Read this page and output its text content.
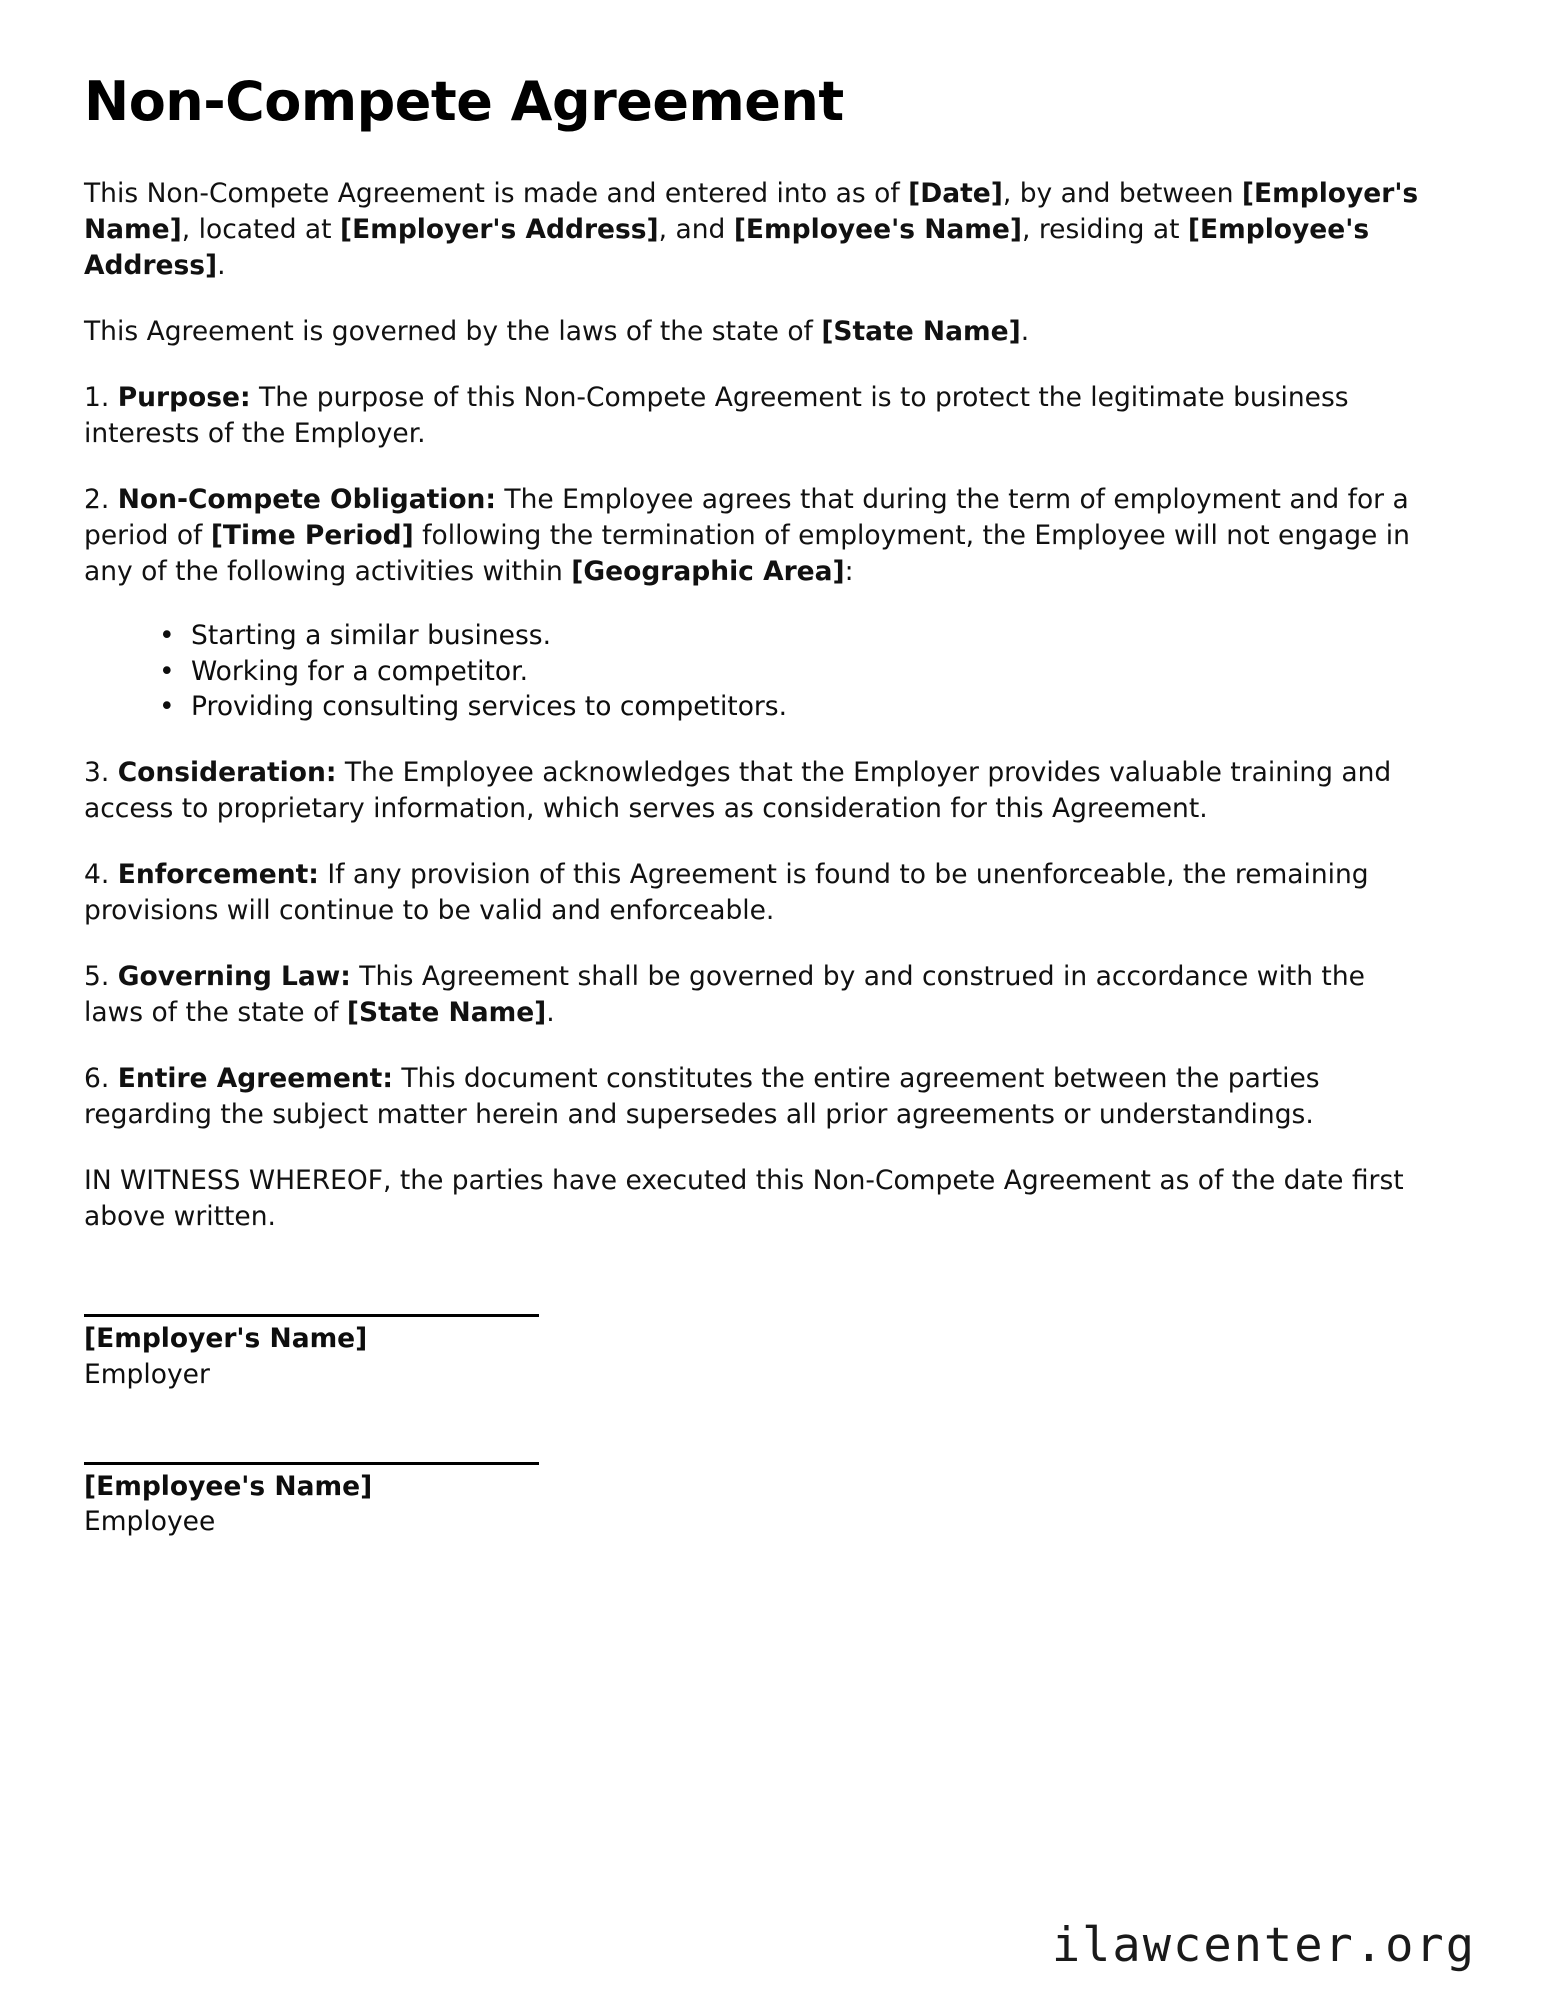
Non-Compete Agreement

This Non-Compete Agreement is made and entered into as of [Date], by and between [Employer's Name], located at [Employer's Address], and [Employee's Name], residing at [Employee's Address].

This Agreement is governed by the laws of the state of [State Name].

1. Purpose: The purpose of this Non-Compete Agreement is to protect the legitimate business interests of the Employer.

2. Non-Compete Obligation: The Employee agrees that during the term of employment and for a period of [Time Period] following the termination of employment, the Employee will not engage in any of the following activities within [Geographic Area]:

• Starting a similar business.
• Working for a competitor.
• Providing consulting services to competitors.

3. Consideration: The Employee acknowledges that the Employer provides valuable training and access to proprietary information, which serves as consideration for this Agreement.

4. Enforcement: If any provision of this Agreement is found to be unenforceable, the remaining provisions will continue to be valid and enforceable.

5. Governing Law: This Agreement shall be governed by and construed in accordance with the laws of the state of [State Name].

6. Entire Agreement: This document constitutes the entire agreement between the parties regarding the subject matter herein and supersedes all prior agreements or understandings.

IN WITNESS WHEREOF, the parties have executed this Non-Compete Agreement as of the date first above written.

[Employer's Name]

Employer

[Employee's Name]

Employee

ilawcenter.org
